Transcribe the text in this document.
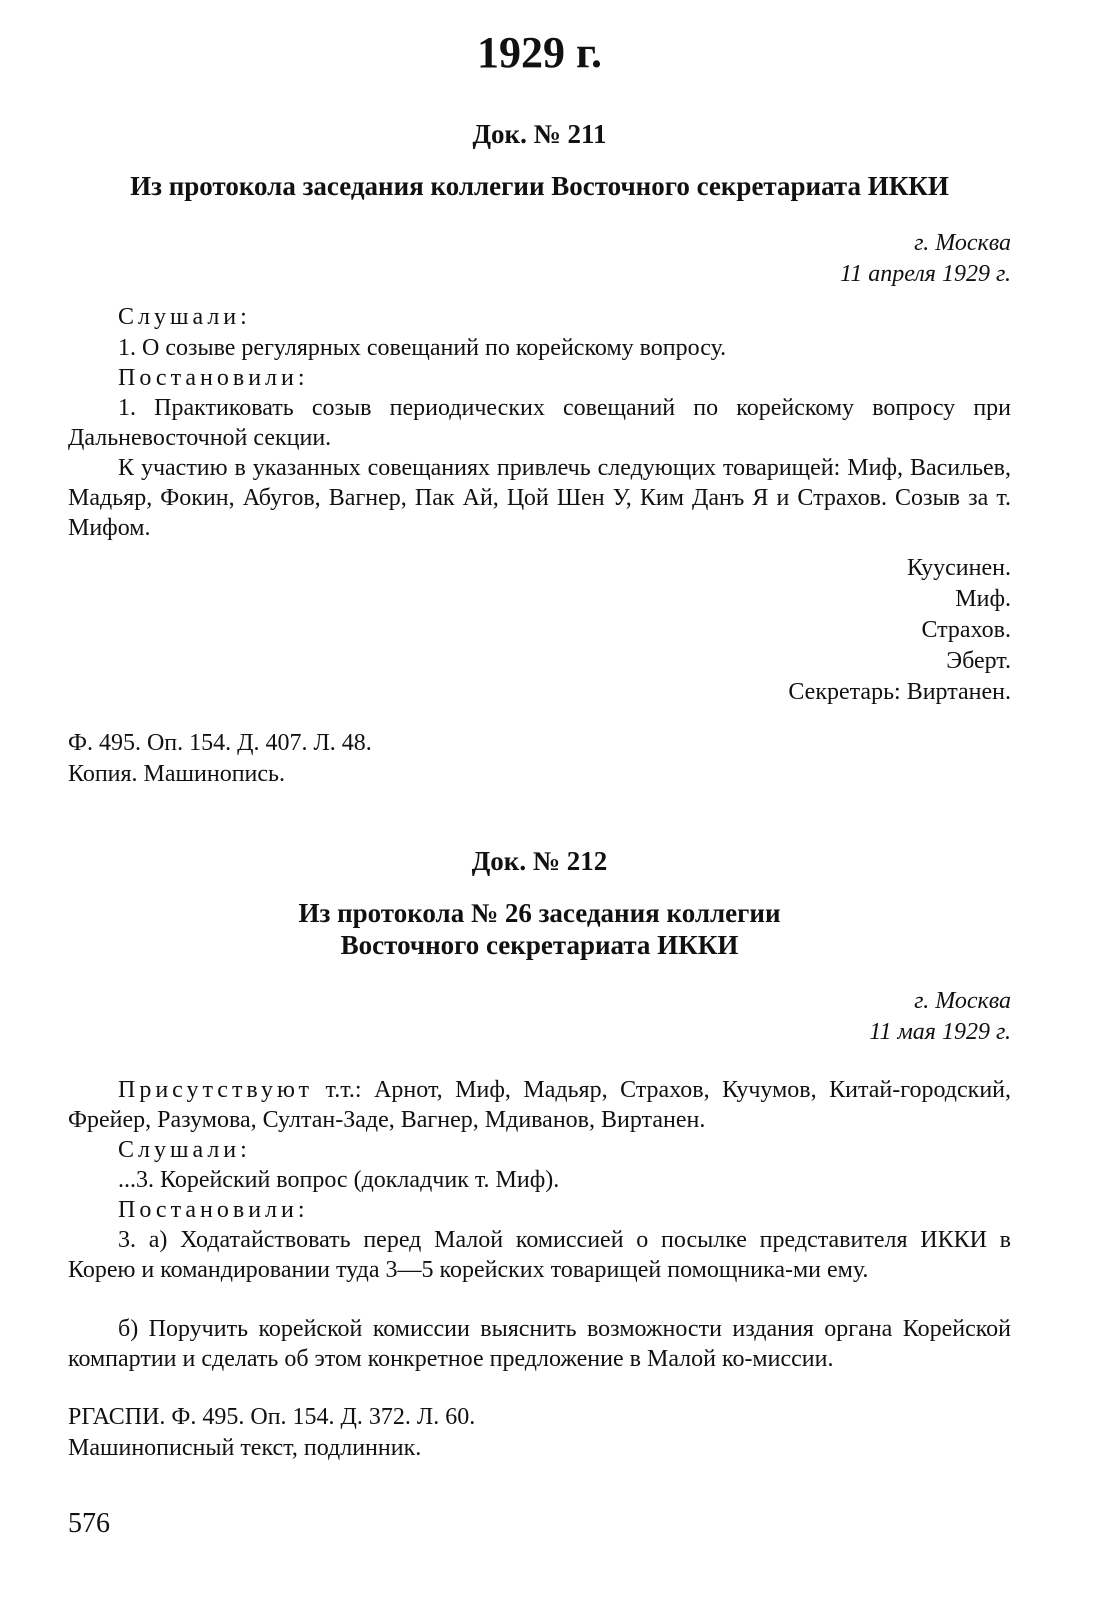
1929 г.
Док. № 211
Из протокола заседания коллегии Восточного секретариата ИККИ
г. Москва
11 апреля 1929 г.
Слушали:
1. О созыве регулярных совещаний по корейскому вопросу.
Постановили:
1. Практиковать созыв периодических совещаний по корейскому вопросу при Дальневосточной секции.
К участию в указанных совещаниях привлечь следующих товарищей: Миф, Васильев, Мадьяр, Фокин, Абугов, Вагнер, Пак Ай, Цой Шен У, Ким Данъ Я и Страхов. Созыв за т. Мифом.
Куусинен.
Миф.
Страхов.
Эберт.
Секретарь: Виртанен.
Ф. 495. Оп. 154. Д. 407. Л. 48.
Копия. Машинопись.
Док. № 212
Из протокола № 26 заседания коллегии
Восточного секретариата ИККИ
г. Москва
11 мая 1929 г.
Присутствуют т.т.: Арнот, Миф, Мадьяр, Страхов, Кучумов, Китай-городский, Фрейер, Разумова, Султан-Заде, Вагнер, Мдиванов, Виртанен.
Слушали:
...3. Корейский вопрос (докладчик т. Миф).
Постановили:
3. а) Ходатайствовать перед Малой комиссией о посылке представителя ИККИ в Корею и командировании туда 3—5 корейских товарищей помощника-ми ему.
б) Поручить корейской комиссии выяснить возможности издания органа Корейской компартии и сделать об этом конкретное предложение в Малой ко-миссии.
РГАСПИ. Ф. 495. Оп. 154. Д. 372. Л. 60.
Машинописный текст, подлинник.
576
